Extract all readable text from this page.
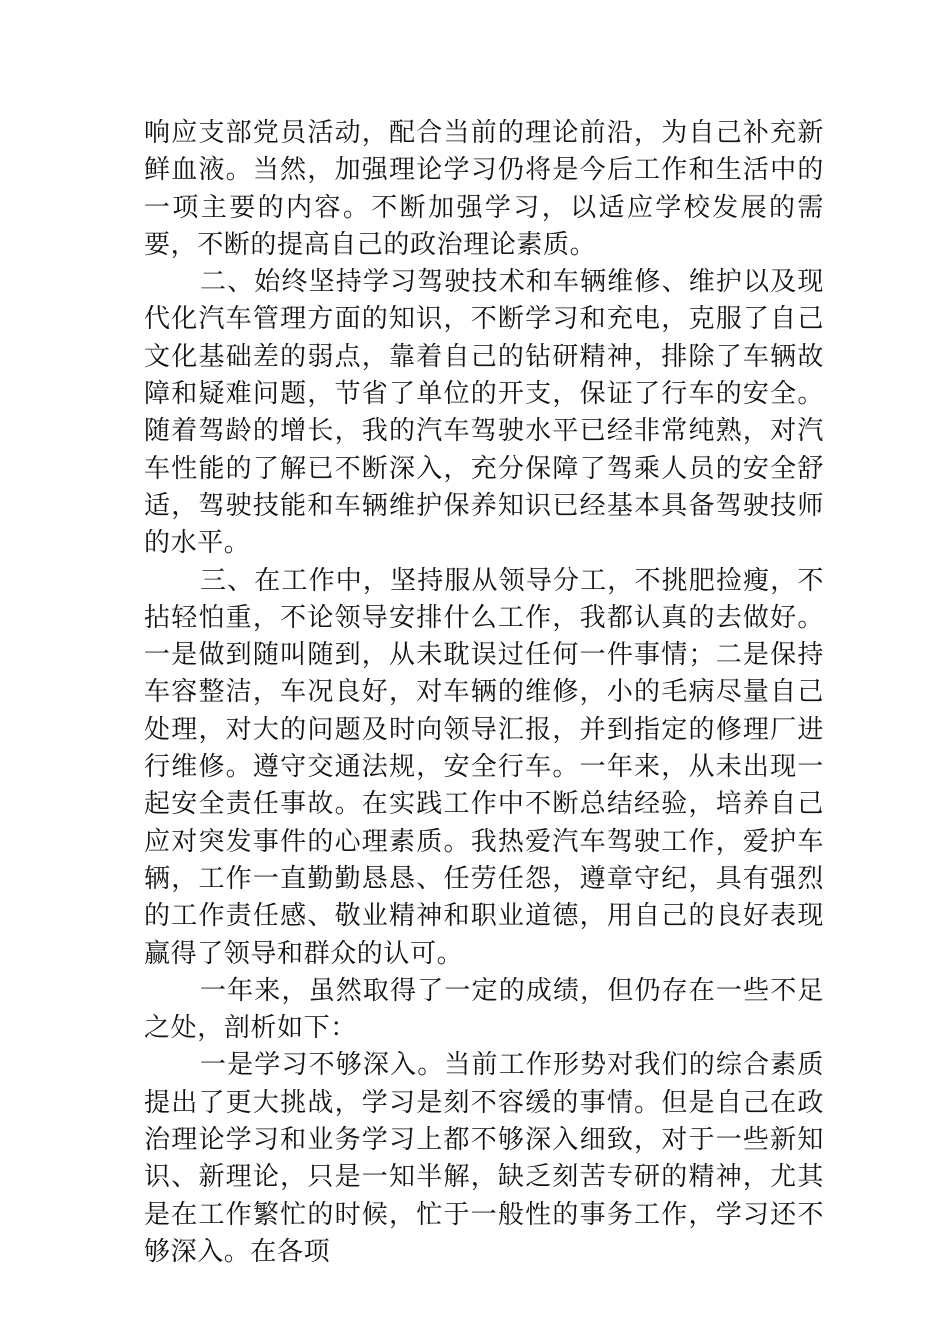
响应支部党员活动，配合当前的理论前沿，为自己补充新鲜血液。当然，加强理论学习仍将是今后工作和生活中的一项主要的内容。不断加强学习，以适应学校发展的需要，不断的提高自己的政治理论素质。

二、始终坚持学习驾驶技术和车辆维修、维护以及现代化汽车管理方面的知识，不断学习和充电，克服了自己文化基础差的弱点，靠着自己的钻研精神，排除了车辆故障和疑难问题，节省了单位的开支，保证了行车的安全。随着驾龄的增长，我的汽车驾驶水平已经非常纯熟，对汽车性能的了解已不断深入，充分保障了驾乘人员的安全舒适，驾驶技能和车辆维护保养知识已经基本具备驾驶技师的水平。

三、在工作中，坚持服从领导分工，不挑肥捡瘦，不拈轻怕重，不论领导安排什么工作，我都认真的去做好。一是做到随叫随到，从未耽误过任何一件事情；二是保持车容整洁，车况良好，对车辆的维修，小的毛病尽量自己处理，对大的问题及时向领导汇报，并到指定的修理厂进行维修。遵守交通法规，安全行车。一年来，从未出现一起安全责任事故。在实践工作中不断总结经验，培养自己应对突发事件的心理素质。我热爱汽车驾驶工作，爱护车辆，工作一直勤勤恳恳、任劳任怨，遵章守纪，具有强烈的工作责任感、敬业精神和职业道德，用自己的良好表现赢得了领导和群众的认可。

一年来，虽然取得了一定的成绩，但仍存在一些不足之处，剖析如下：

一是学习不够深入。当前工作形势对我们的综合素质提出了更大挑战，学习是刻不容缓的事情。但是自己在政治理论学习和业务学习上都不够深入细致，对于一些新知识、新理论，只是一知半解，缺乏刻苦专研的精神，尤其是在工作繁忙的时候，忙于一般性的事务工作，学习还不够深入。在各项
